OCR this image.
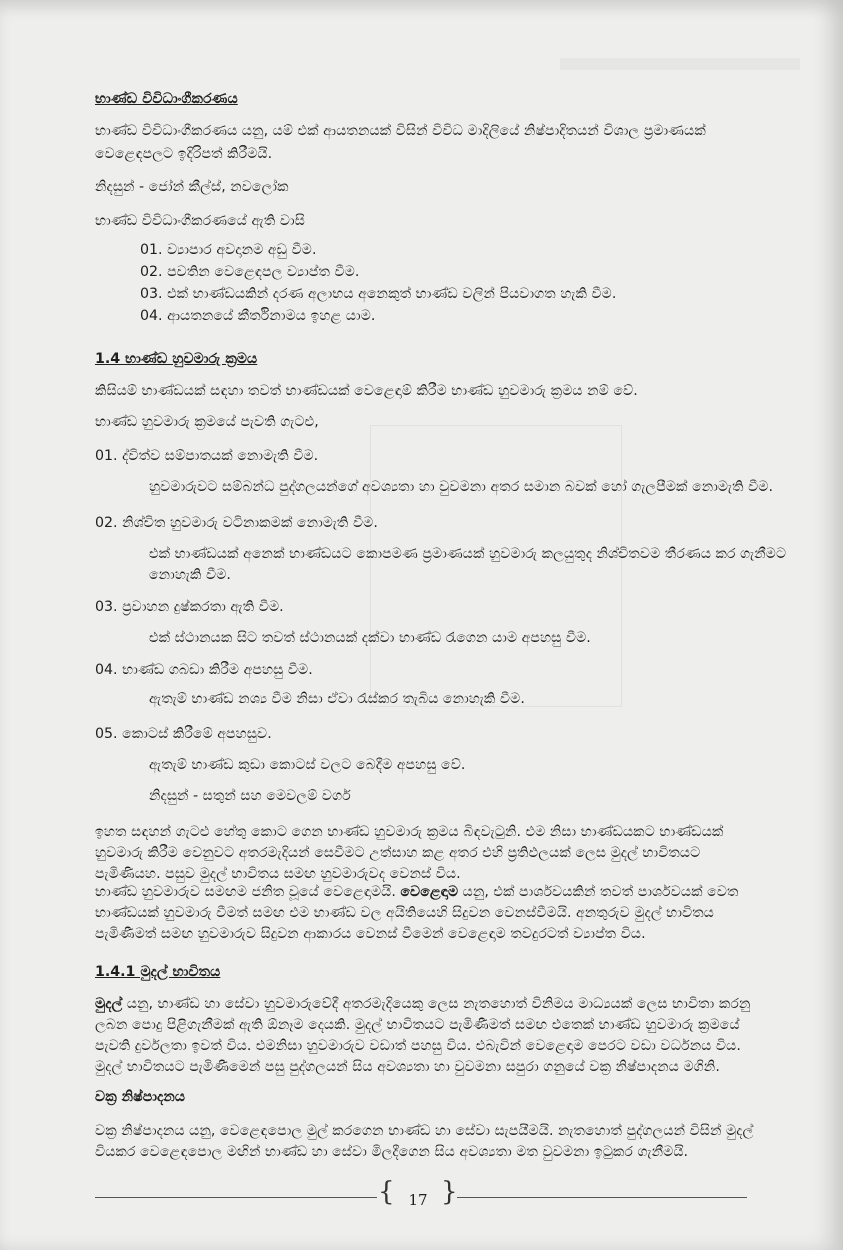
භාණ්ඩ විවිධාංගීකරණය
භාණ්ඩ විවිධාංගීකරණය යනු, යම් එක් ආයතනයක් විසින් විවිධ මාදිලියේ නිෂ්පාදිතයන් විශාල ප්‍රමාණයක්
වෙළෙඳපලට ඉදිරිපත් කිරීමයි.
නිදසුන් - ජෝන් කීල්ස්, නවලෝක
භාණ්ඩ විවිධාංගීකරණයේ ඇති වාසි
01. ව්‍යාපාර අවදානම අඩු වීම.
02. පවතින වෙළෙඳපල ව්‍යාප්ත වීම.
03. එක් භාණ්ඩයකින් දරණ අලාභය අනෙකුත් භාණ්ඩ වලින් පියවාගත හැකි වීම.
04. ආයතනයේ කීර්තිනාමය ඉහළ යාම.
1.4 භාණ්ඩ හුවමාරු ක්‍රමය
කිසියම් භාණ්ඩයක් සඳහා තවත් භාණ්ඩයක් වෙළෙඳාම් කිරීම භාණ්ඩ හුවමාරු ක්‍රමය නම් වේ.
භාණ්ඩ හුවමාරු ක්‍රමයේ පැවති ගැටළු,
01. ද්විත්ව සම්පාතයක් නොමැති වීම.
හුවමාරුවට සම්බන්ධ පුද්ගලයන්ගේ අවශ්‍යතා හා වුවමනා අතර සමාන බවක් හෝ ගැලපීමක් නොමැති වීම.
02. නිශ්චිත හුවමාරු වටිනාකමක් නොමැති වීම.
එක් භාණ්ඩයක් අනෙක් භාණ්ඩයට කොපමණ ප්‍රමාණයක් හුවමාරු කලයුතුද නිශ්චිතවම තීරණය කර ගැනීමට
නොහැකි වීම.
03. ප්‍රවාහන දුෂ්කරතා ඇති වීම.
එක් ස්ථානයක සිට තවත් ස්ථානයක් දක්වා භාණ්ඩ රැගෙන යාම අපහසු වීම.
04. භාණ්ඩ ගබඩා කිරීම අපහසු වීම.
ඇතැම් භාණ්ඩ නශ්‍ය වීම නිසා ඒවා රැස්කර තැබිය නොහැකි වීම.
05. කොටස් කිරීමේ අපහසුව.
ඇතැම් භාණ්ඩ කුඩා කොටස් වලට බෙදීම අපහසු වේ.
නිදසුන් - සතුන් සහ මෙවලම් වර්ග
ඉහත සඳහන් ගැටළු හේතු කොට ගෙන භාණ්ඩ හුවමාරු ක්‍රමය බිඳවැටුනි. එම නිසා භාණ්ඩයකට භාණ්ඩයක්
හුවමාරු කිරීම වෙනුවට අතරමැදියන් සෙවීමට උත්සාහ කළ අතර එහි ප්‍රතිඵලයක් ලෙස මුදල් භාවිතයට
පැමිණියහ. පසුව මුදල් භාවිතය සමඟ හුවමාරුවද වෙනස් විය.
භාණ්ඩ හුවමාරුව සමඟම ජනිත වූයේ වෙළෙඳාමයි. වෙළෙඳාම යනු, එක් පාර්ශවයකින් තවත් පාර්ශවයක් වෙත
භාණ්ඩයක් හුවමාරු වීමත් සමඟ එම භාණ්ඩ වල අයිතියෙහි සිදුවන වෙනස්වීමයි. අනතුරුව මුදල් භාවිතය
පැමිණීමත් සමඟ හුවමාරුව සිදුවන ආකාරය වෙනස් වීමෙන් වෙළෙඳාම තවදුරටත් ව්‍යාප්ත විය.
1.4.1 මුදල් භාවිතය
මුදල් යනු, භාණ්ඩ හා සේවා හුවමාරුවේදී අතරමැදියෙකු ලෙස නැතහොත් විනිමය මාධ්‍යයක් ලෙස භාවිතා කරනු
ලබන පොදු පිළිගැනීමක් ඇති ඕනෑම දෙයකි. මුදල් භාවිතයට පැමිණීමත් සමඟ එතෙක් භාණ්ඩ හුවමාරු ක්‍රමයේ
පැවති දුර්වලතා ඉවත් විය. එමනිසා හුවමාරුව වඩාත් පහසු විය. එබැවින් වෙළෙඳාම පෙරට වඩා වර්ධනය විය.
මුදල් භාවිතයට පැමිණීමෙන් පසු පුද්ගලයන් සිය අවශ්‍යතා හා වුවමනා සපුරා ගනුයේ වක්‍ර නිෂ්පාදනය මගිනි.
වක්‍ර නිෂ්පාදනය
වක්‍ර නිෂ්පාදනය යනු, වෙළෙඳපොල මුල් කරගෙන භාණ්ඩ හා සේවා සැපයීමයි. නැතහොත් පුද්ගලයන් විසින් මුදල්
වියකර වෙළෙඳපොල මඟින් භාණ්ඩ හා සේවා මිලදීගෙන සිය අවශ්‍යතා මත වුවමනා ඉටුකර ගැනීමයි.
{ 17 }
